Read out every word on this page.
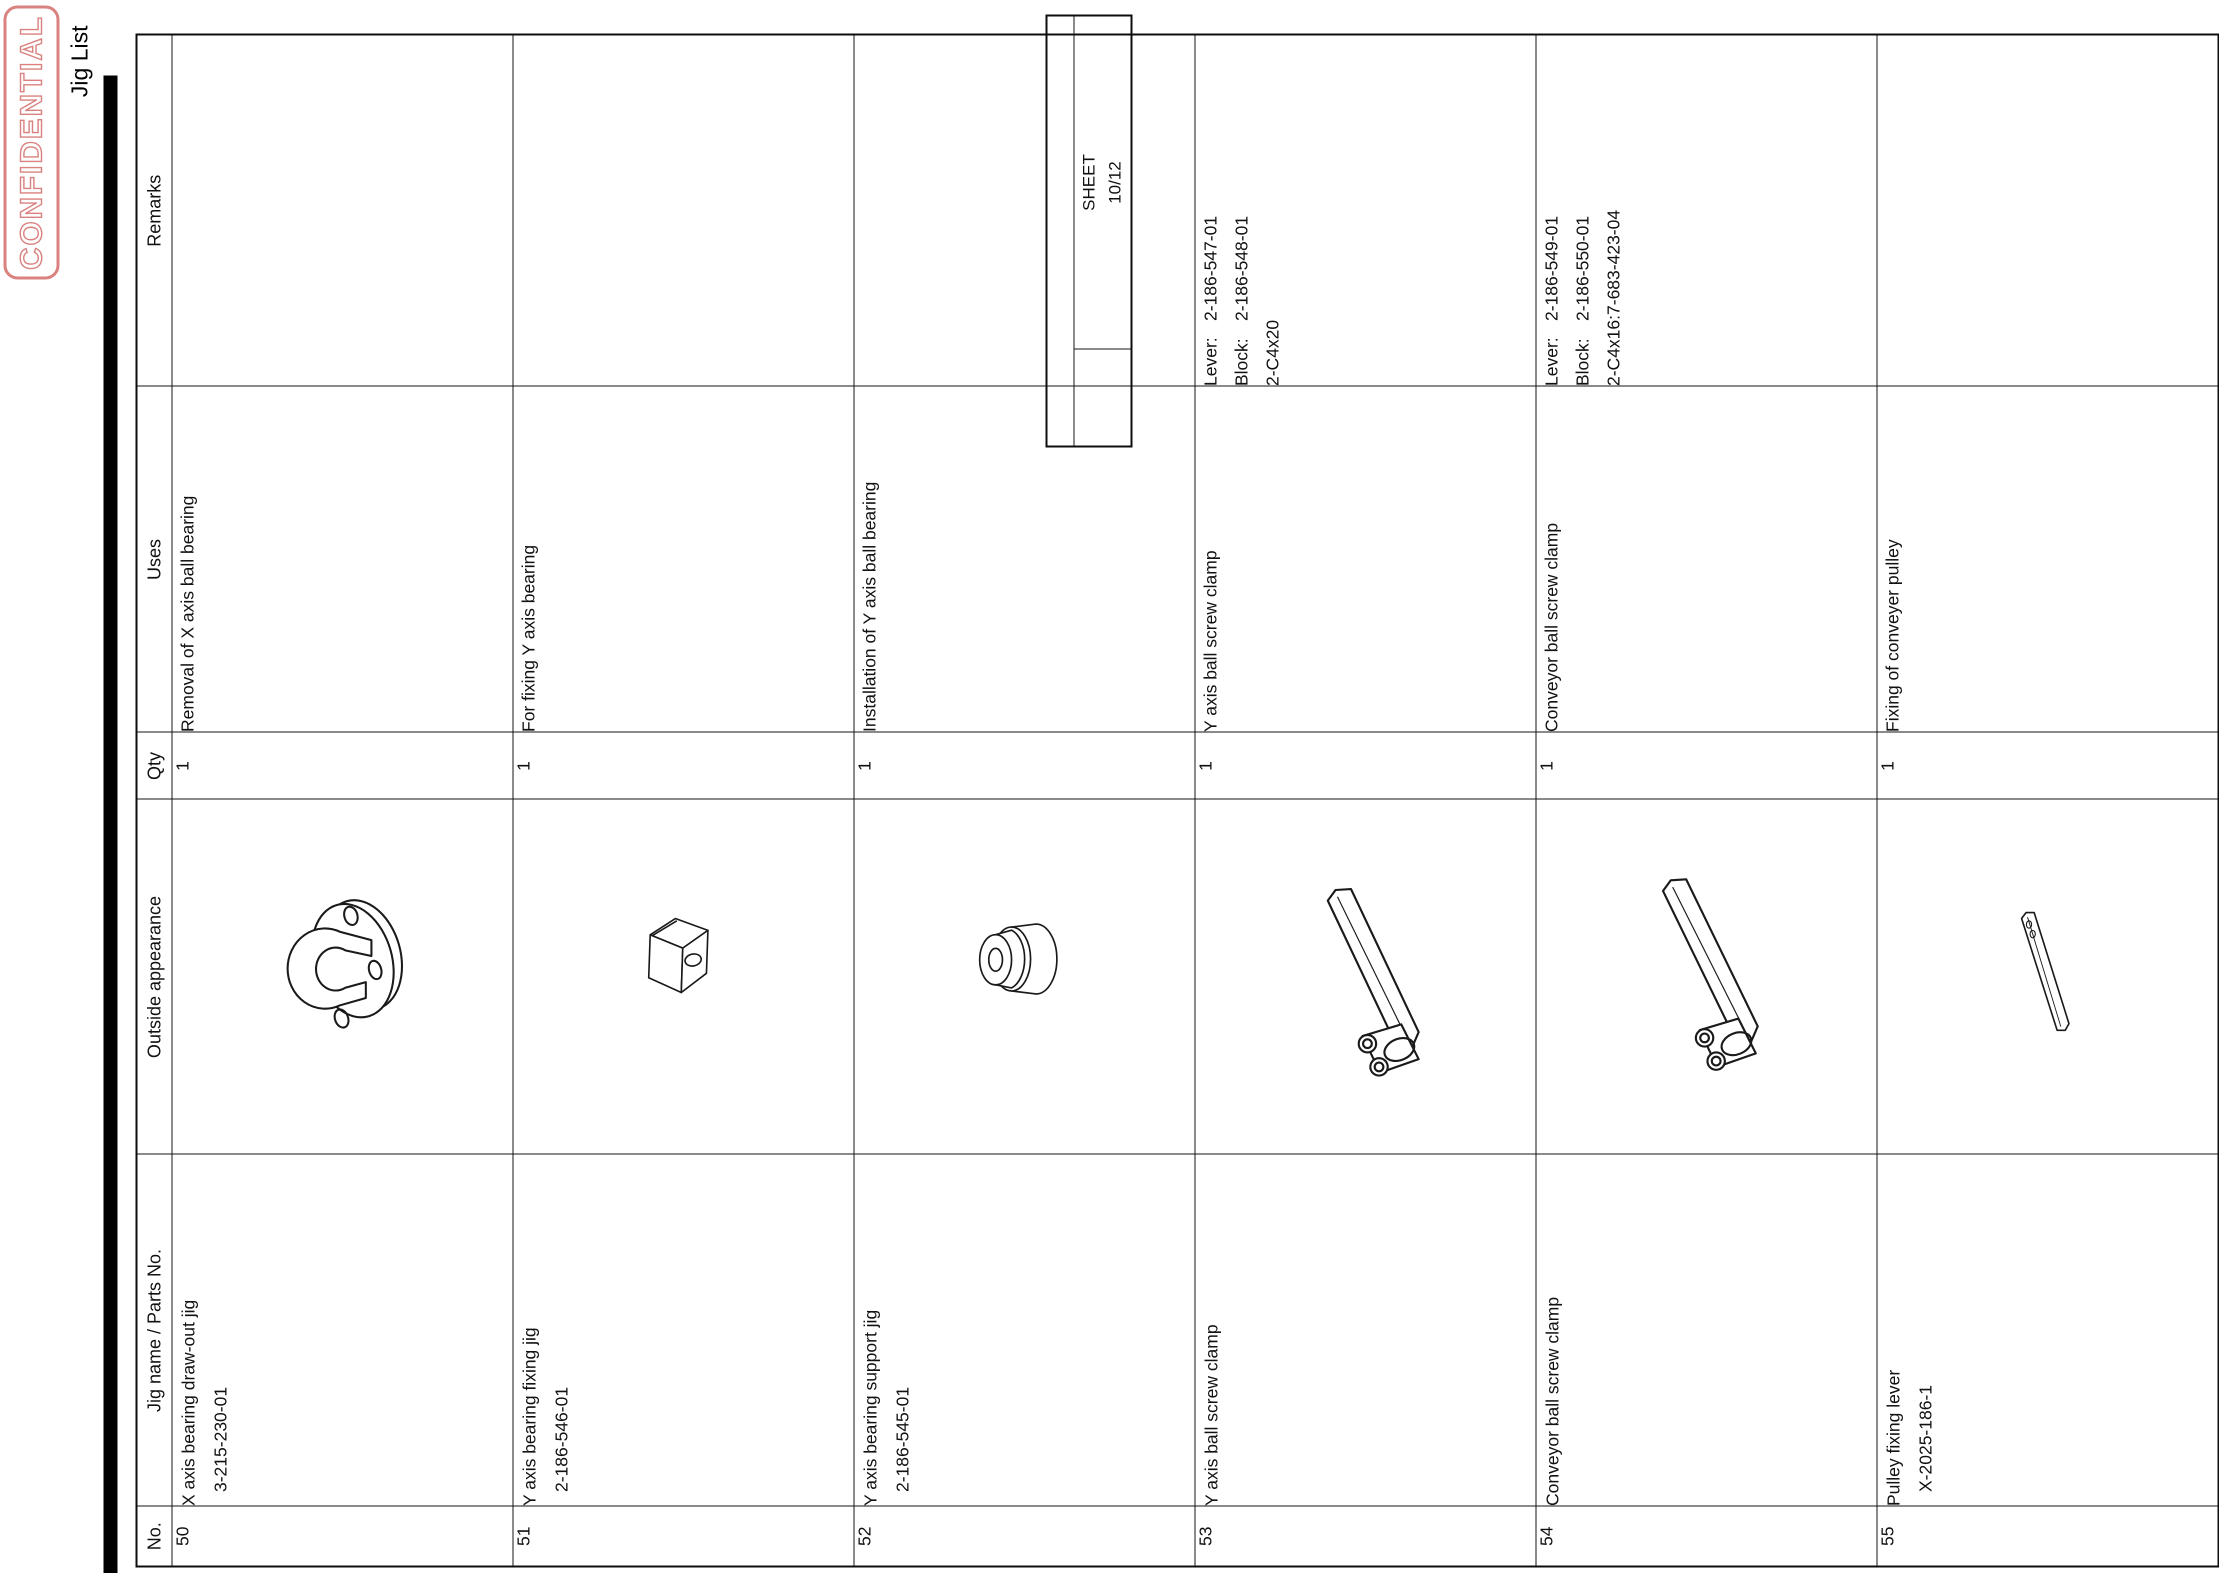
CONFIDENTIAL Jig List
No.	Jig name / Parts No.	Outside appearance	Qty	Uses	Remarks
50	X axis bearing draw-out jig 3-215-230-01		1	Removal of X axis ball bearing	
51	Y axis bearing fixing jig 2-186-546-01		1	For fixing Y axis bearing	
52	Y axis bearing support jig 2-186-545-01		1	Installation of Y axis ball bearing	
53	Y axis ball screw clamp		1	Y axis ball screw clamp	Lever:2-186-547-01
Block:2-186-548-01
2-C4x20

54	Conveyor ball screw clamp		1	Conveyor ball screw clamp	Lever:2-186-549-01
Block:2-186-550-01
2-C4x16:7-683-423-04

55	Pulley fixing lever X-2025-186-1		1	Fixing of conveyer pulley	
SHEET 10/12
